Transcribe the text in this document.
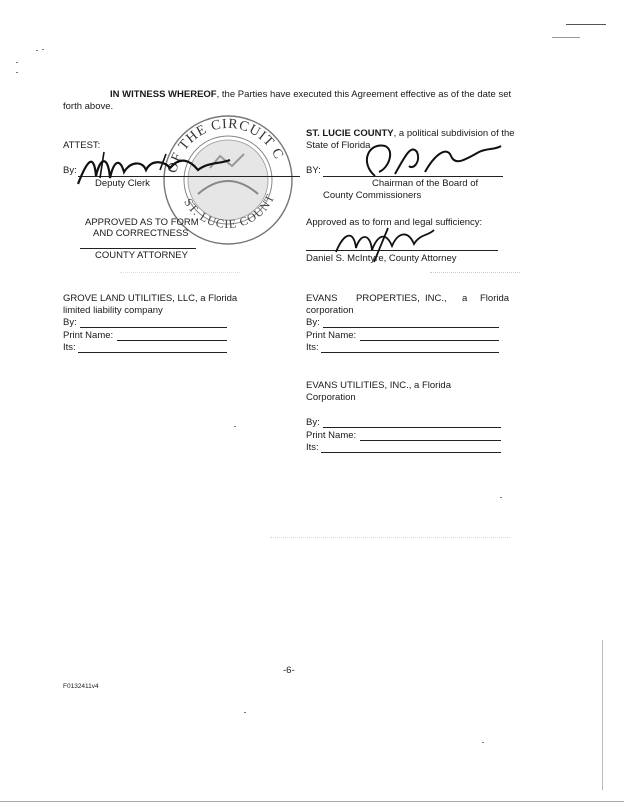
IN WITNESS WHEREOF, the Parties have executed this Agreement effective as of the date set
forth above.
OF THE CIRCUIT C
ST. LUCIE COUNT
ATTEST:
By:
Deputy Clerk
APPROVED AS TO FORM
AND CORRECTNESS
COUNTY ATTORNEY
ST. LUCIE COUNTY, a political subdivision of the
State of Florida
BY:
Chairman of the Board of
County Commissioners
Approved as to form and legal sufficiency:
Daniel S. McIntyre, County Attorney
GROVE LAND UTILITIES, LLC, a Florida
limited liability company
By:
Print Name:
Its:
EVANS PROPERTIES, INC., a Florida
corporation
By:
Print Name:
Its:
EVANS UTILITIES, INC., a Florida
Corporation
By:
Print Name:
Its:
-6-
F0132411v4
